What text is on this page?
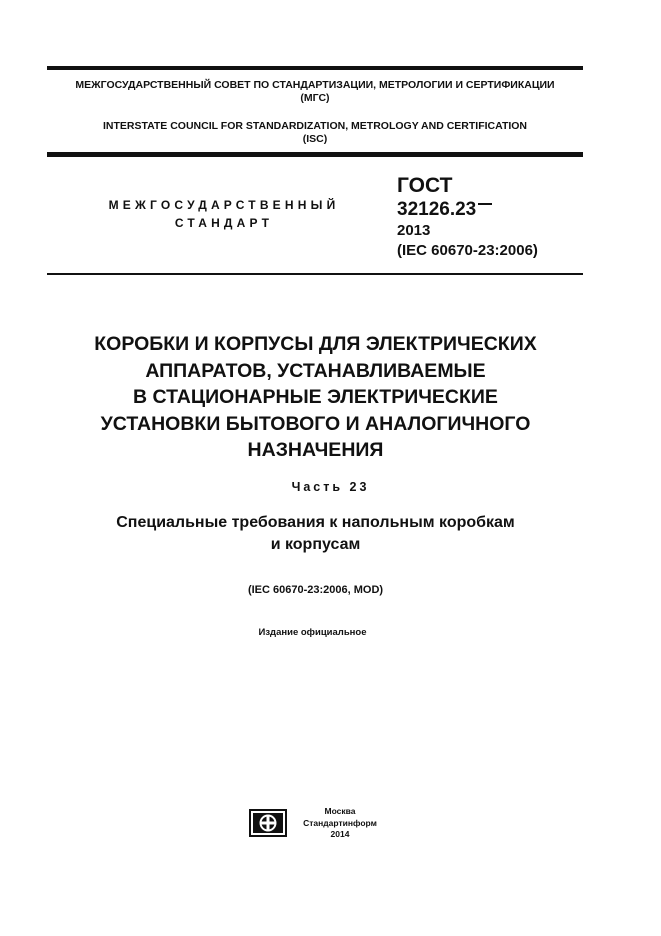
МЕЖГОСУДАРСТВЕННЫЙ СОВЕТ ПО СТАНДАРТИЗАЦИИ, МЕТРОЛОГИИ И СЕРТИФИКАЦИИ
(МГС)
INTERSTATE COUNCIL FOR STANDARDIZATION, METROLOGY AND CERTIFICATION
(ISC)
МЕЖГОСУДАРСТВЕННЫЙ
СТАНДАРТ
ГОСТ
32126.23
2013
(IEC 60670-23:2006)
КОРОБКИ И КОРПУСЫ ДЛЯ ЭЛЕКТРИЧЕСКИХ
АППАРАТОВ, УСТАНАВЛИВАЕМЫЕ
В СТАЦИОНАРНЫЕ ЭЛЕКТРИЧЕСКИЕ
УСТАНОВКИ БЫТОВОГО И АНАЛОГИЧНОГО
НАЗНАЧЕНИЯ
Часть 23
Специальные требования к напольным коробкам
и корпусам
(IEC 60670-23:2006, MOD)
Издание официальное
Москва
Стандартинформ
2014
